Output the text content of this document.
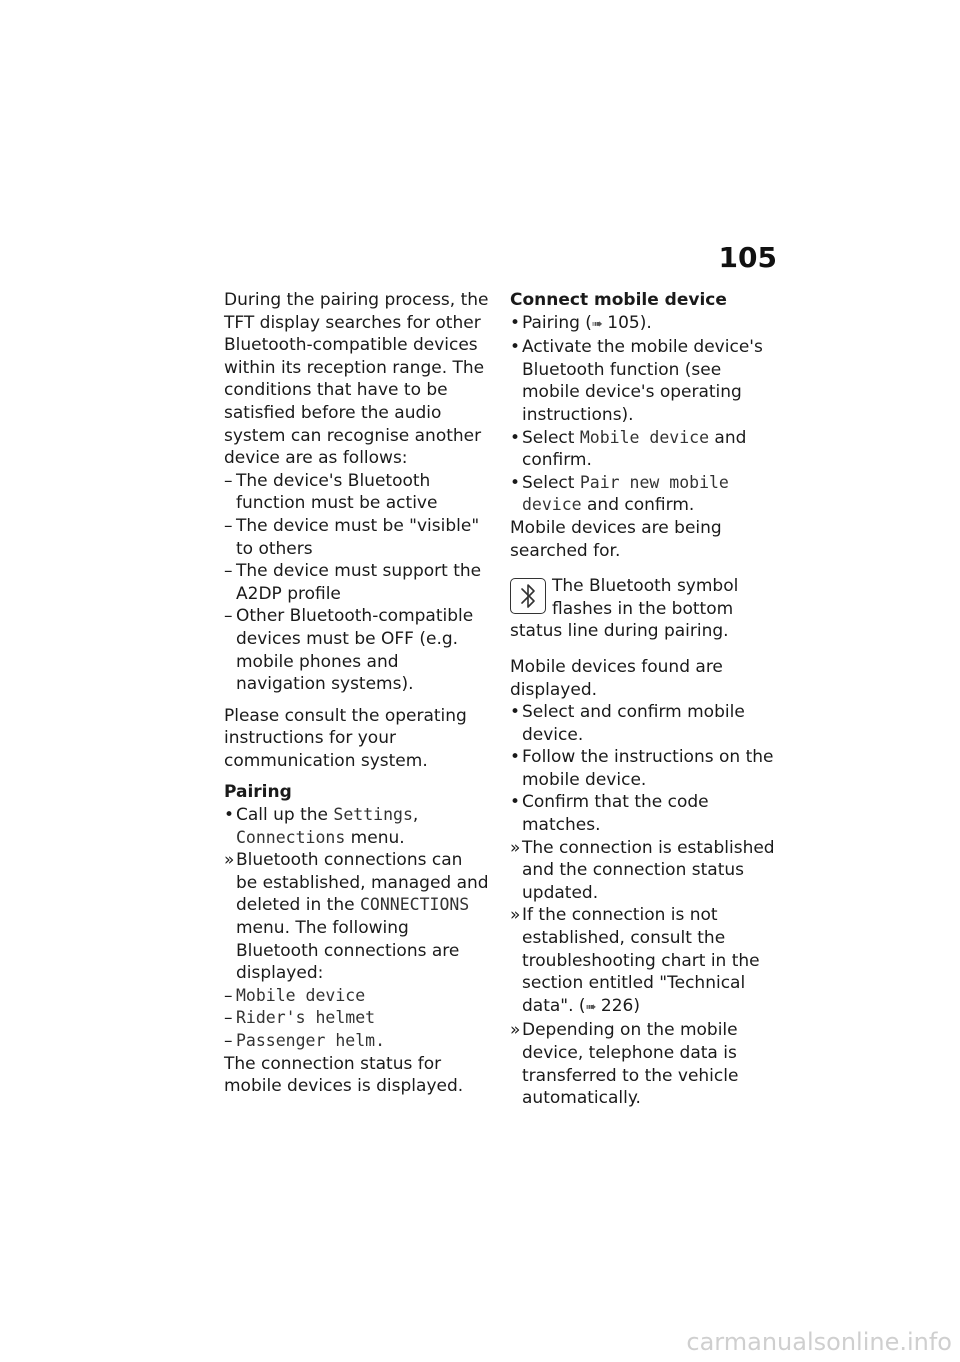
105

During the pairing process, the TFT display searches for other Bluetooth-compatible devices within its reception range. The conditions that have to be satisfied before the audio system can recognise another device are as follows:

– The device's Bluetooth function must be active
– The device must be "visible" to others
– The device must support the A2DP profile
– Other Bluetooth-compatible devices must be OFF (e.g. mobile phones and navigation systems).

Please consult the operating instructions for your communication system.

Pairing

• Call up the Settings, Connections menu.
» Bluetooth connections can be established, managed and deleted in the CONNECTIONS menu. The following Bluetooth connections are displayed:
– Mobile device
– Rider's helmet
– Passenger helm.

The connection status for mobile devices is displayed.

Connect mobile device

• Pairing (➠ 105).
• Activate the mobile device's Bluetooth function (see mobile device's operating instructions).
• Select Mobile device and confirm.
• Select Pair new mobile device and confirm.

Mobile devices are being searched for.

The Bluetooth symbol flashes in the bottom status line during pairing.

Mobile devices found are displayed.

• Select and confirm mobile device.
• Follow the instructions on the mobile device.
• Confirm that the code matches.
» The connection is established and the connection status updated.
» If the connection is not established, consult the troubleshooting chart in the section entitled "Technical data". (➠ 226)
» Depending on the mobile device, telephone data is transferred to the vehicle automatically.
carmanualsonline.info
